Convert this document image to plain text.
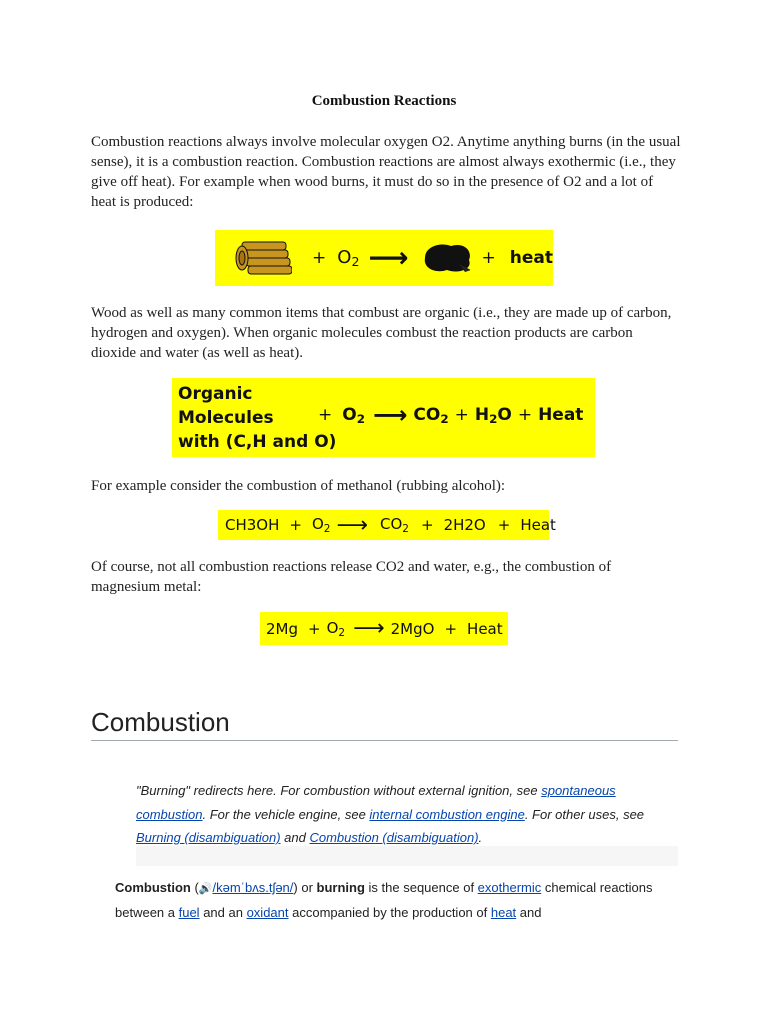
Combustion Reactions
Combustion reactions always involve molecular oxygen O2. Anytime anything burns (in the usual sense), it is a combustion reaction. Combustion reactions are almost always exothermic (i.e., they give off heat). For example when wood burns, it must do so in the presence of O2 and a lot of heat is produced:
+ $O_2$ ⟶	+ heat
Wood as well as many common items that combust are organic (i.e., they are made up of carbon, hydrogen and oxygen). When organic molecules combust the reaction products are carbon dioxide and water (as well as heat).
Organic
Molecules
with (C,H and O)
+ $O_2$ ⟶ $CO_2 + H_2O$ + Heat
For example consider the combustion of methanol (rubbing alcohol):
$CH3OH + O_2$ ⟶ $CO_2 + 2H2O$ + Heat
Of course, not all combustion reactions release CO2 and water, e.g., the combustion of magnesium metal:
$2Mg + O_2$ ⟶ 2MgO + Heat
Combustion
"Burning" redirects here. For combustion without external ignition, see spontaneous combustion. For the vehicle engine, see internal combustion engine. For other uses, see Burning (disambiguation) and Combustion (disambiguation).
Combustion (🔊/kəmˈbʌs.tʃən/) or burning is the sequence of exothermic chemical reactions between a fuel and an oxidant accompanied by the production of heat and
